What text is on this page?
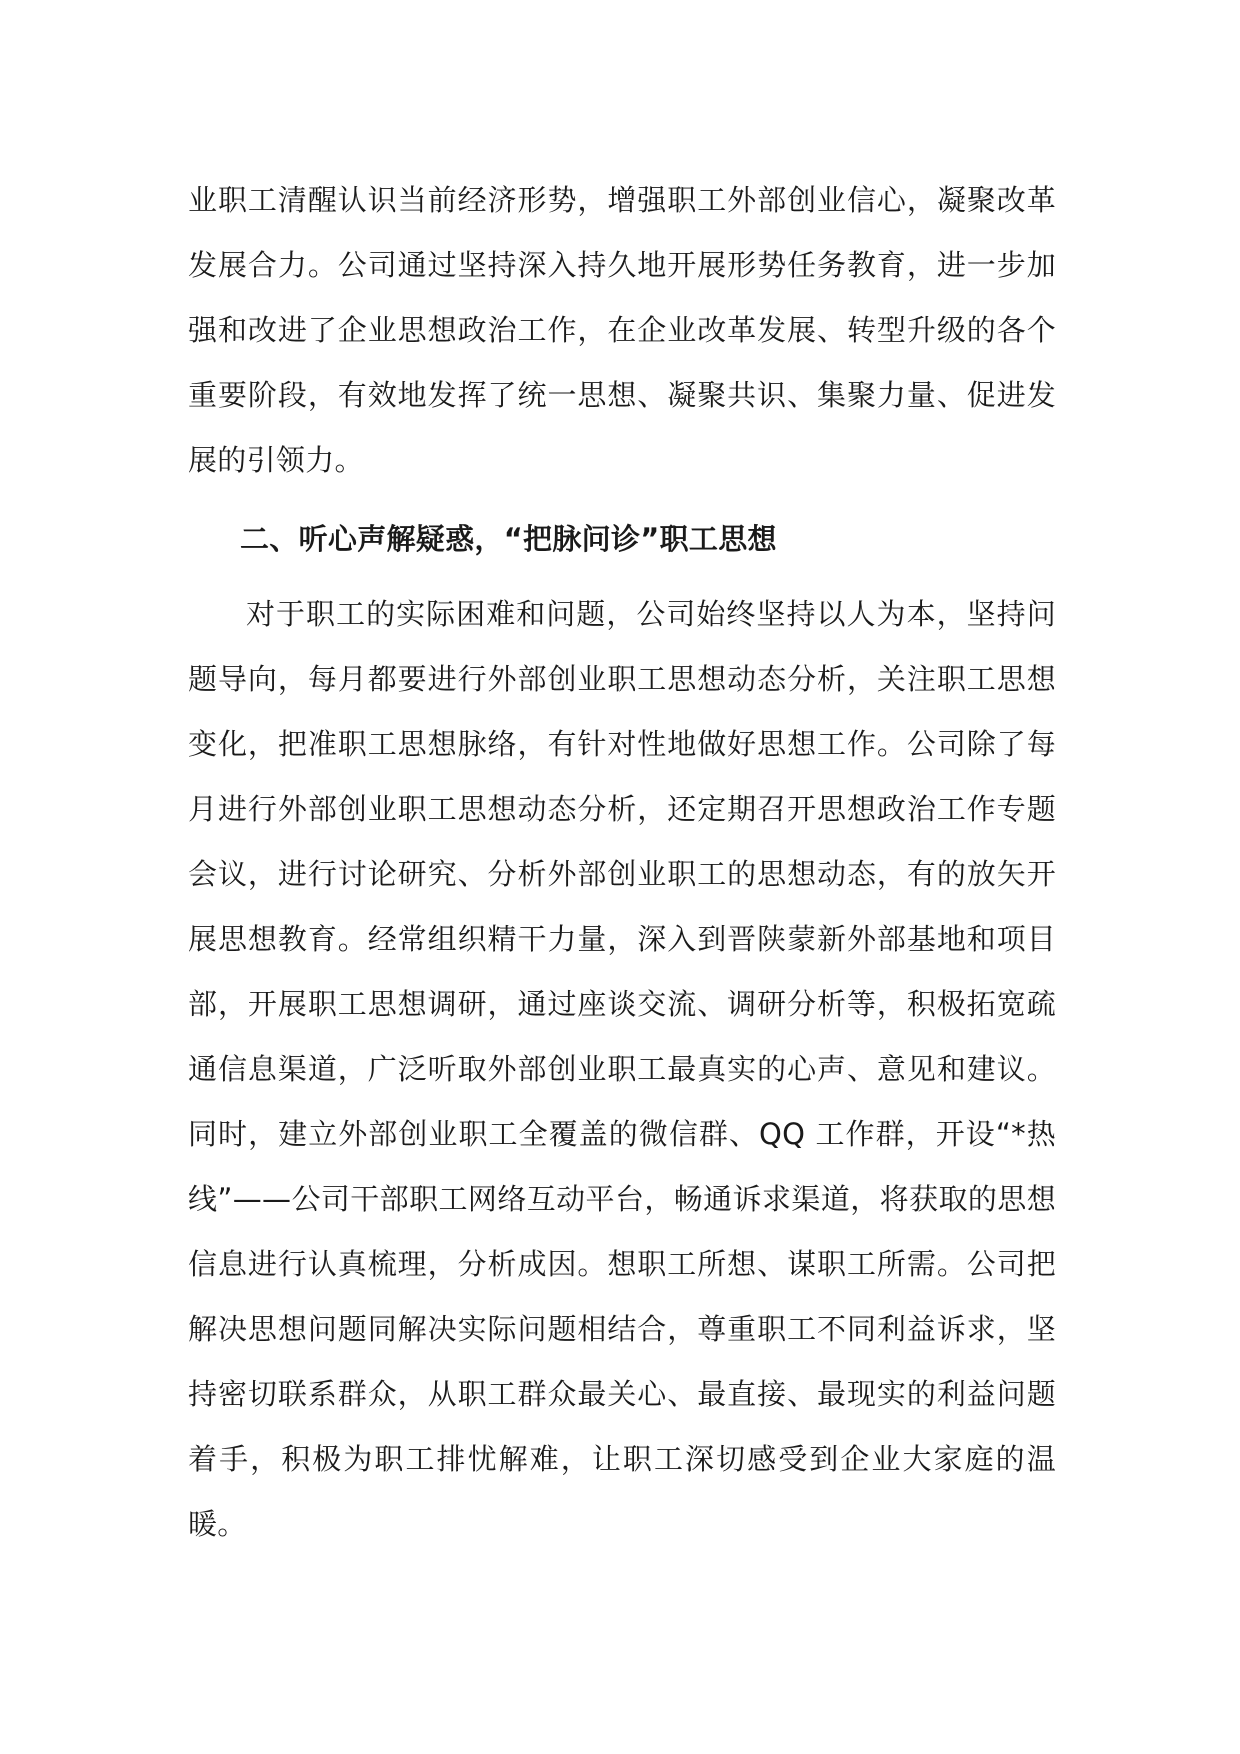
业职工清醒认识当前经济形势，增强职工外部创业信心，凝聚改革发展合力。公司通过坚持深入持久地开展形势任务教育，进一步加强和改进了企业思想政治工作，在企业改革发展、转型升级的各个重要阶段，有效地发挥了统一思想、凝聚共识、集聚力量、促进发展的引领力。

二、听心声解疑惑，“把脉问诊”职工思想

对于职工的实际困难和问题，公司始终坚持以人为本，坚持问题导向，每月都要进行外部创业职工思想动态分析，关注职工思想变化，把准职工思想脉络，有针对性地做好思想工作。公司除了每月进行外部创业职工思想动态分析，还定期召开思想政治工作专题会议，进行讨论研究、分析外部创业职工的思想动态，有的放矢开展思想教育。经常组织精干力量，深入到晋陕蒙新外部基地和项目部，开展职工思想调研，通过座谈交流、调研分析等，积极拓宽疏通信息渠道，广泛听取外部创业职工最真实的心声、意见和建议。同时，建立外部创业职工全覆盖的微信群、QQ 工作群，开设“*热线”——公司干部职工网络互动平台，畅通诉求渠道，将获取的思想信息进行认真梳理，分析成因。想职工所想、谋职工所需。公司把解决思想问题同解决实际问题相结合，尊重职工不同利益诉求，坚持密切联系群众，从职工群众最关心、最直接、最现实的利益问题着手，积极为职工排忧解难，让职工深切感受到企业大家庭的温暖。
